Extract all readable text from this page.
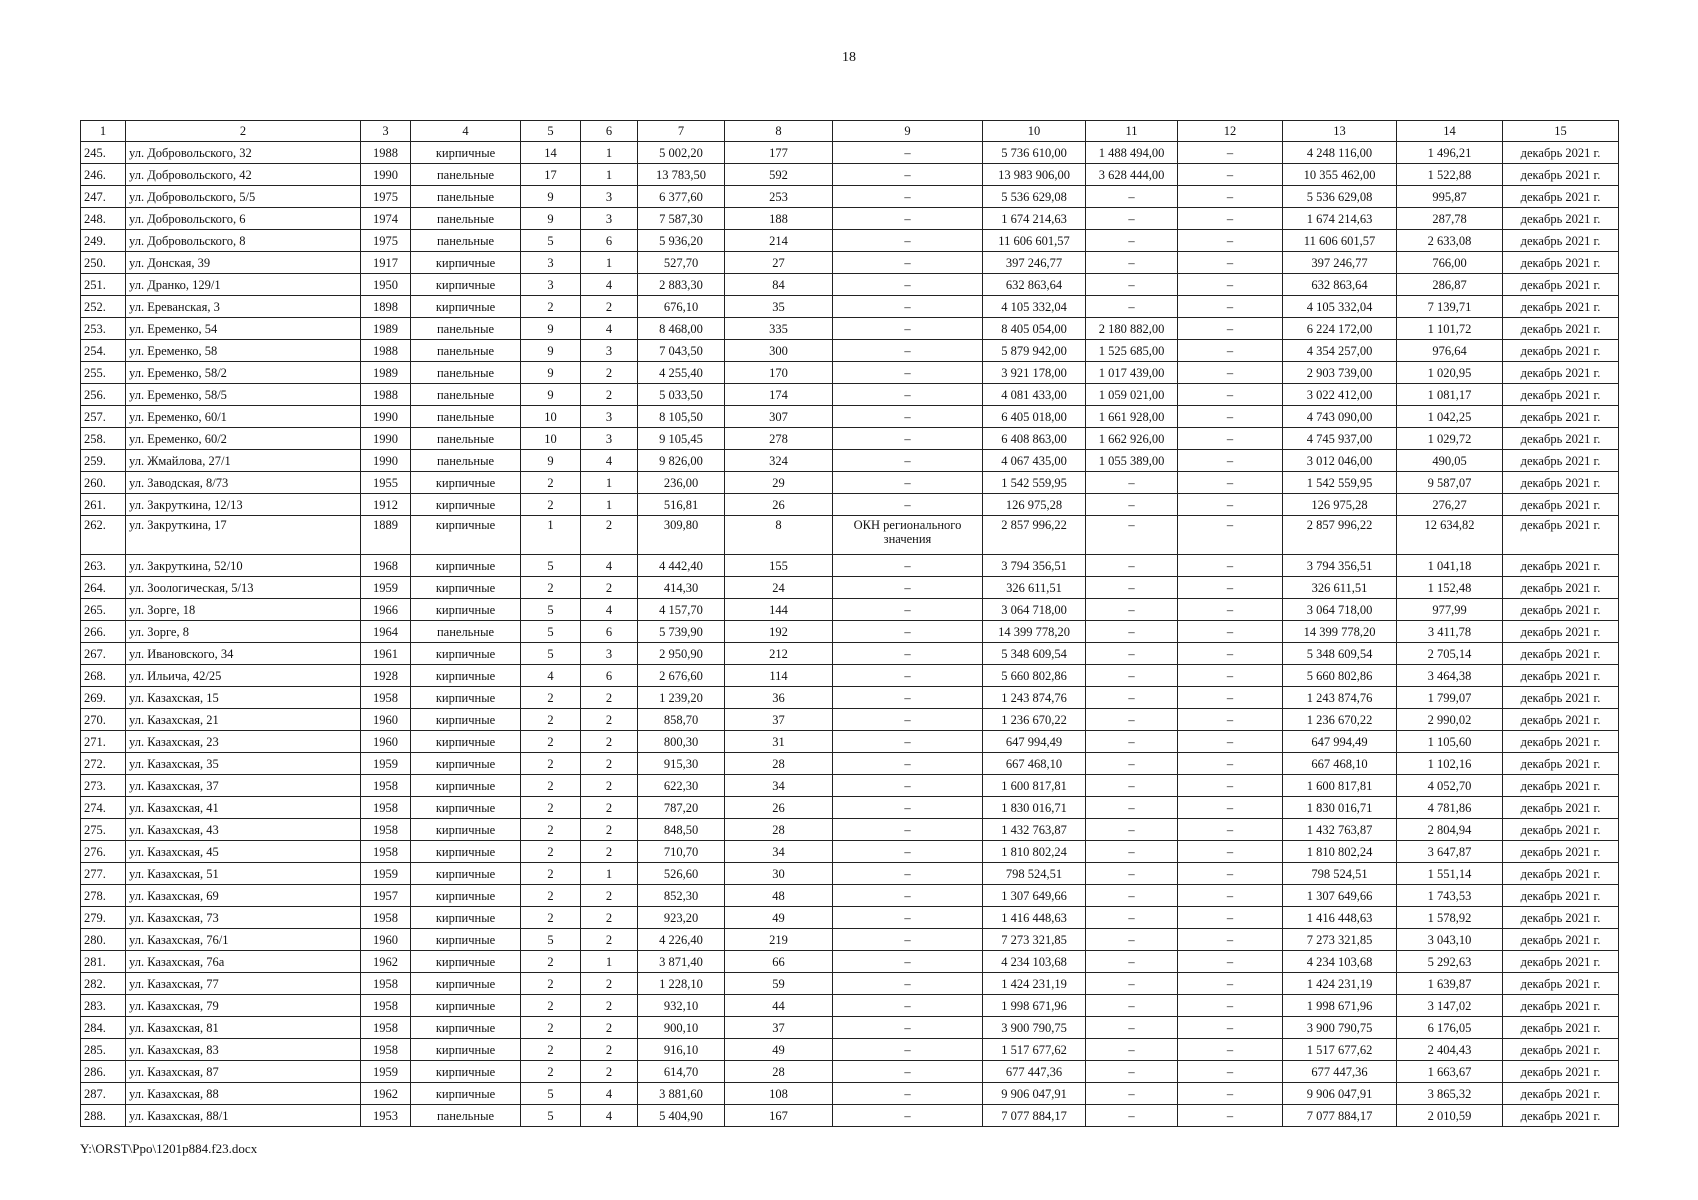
18
1	2	3	4	5	6	7	8	9	10	11	12	13	14	15
245.	ул. Добровольского, 32	1988	кирпичные	14	1	5 002,20	177	–	5 736 610,00	1 488 494,00	–	4 248 116,00	1 496,21	декабрь 2021 г.
246.	ул. Добровольского, 42	1990	панельные	17	1	13 783,50	592	–	13 983 906,00	3 628 444,00	–	10 355 462,00	1 522,88	декабрь 2021 г.
247.	ул. Добровольского, 5/5	1975	панельные	9	3	6 377,60	253	–	5 536 629,08	–	–	5 536 629,08	995,87	декабрь 2021 г.
248.	ул. Добровольского, 6	1974	панельные	9	3	7 587,30	188	–	1 674 214,63	–	–	1 674 214,63	287,78	декабрь 2021 г.
249.	ул. Добровольского, 8	1975	панельные	5	6	5 936,20	214	–	11 606 601,57	–	–	11 606 601,57	2 633,08	декабрь 2021 г.
250.	ул. Донская, 39	1917	кирпичные	3	1	527,70	27	–	397 246,77	–	–	397 246,77	766,00	декабрь 2021 г.
251.	ул. Дранко, 129/1	1950	кирпичные	3	4	2 883,30	84	–	632 863,64	–	–	632 863,64	286,87	декабрь 2021 г.
252.	ул. Ереванская, 3	1898	кирпичные	2	2	676,10	35	–	4 105 332,04	–	–	4 105 332,04	7 139,71	декабрь 2021 г.
253.	ул. Еременко, 54	1989	панельные	9	4	8 468,00	335	–	8 405 054,00	2 180 882,00	–	6 224 172,00	1 101,72	декабрь 2021 г.
254.	ул. Еременко, 58	1988	панельные	9	3	7 043,50	300	–	5 879 942,00	1 525 685,00	–	4 354 257,00	976,64	декабрь 2021 г.
255.	ул. Еременко, 58/2	1989	панельные	9	2	4 255,40	170	–	3 921 178,00	1 017 439,00	–	2 903 739,00	1 020,95	декабрь 2021 г.
256.	ул. Еременко, 58/5	1988	панельные	9	2	5 033,50	174	–	4 081 433,00	1 059 021,00	–	3 022 412,00	1 081,17	декабрь 2021 г.
257.	ул. Еременко, 60/1	1990	панельные	10	3	8 105,50	307	–	6 405 018,00	1 661 928,00	–	4 743 090,00	1 042,25	декабрь 2021 г.
258.	ул. Еременко, 60/2	1990	панельные	10	3	9 105,45	278	–	6 408 863,00	1 662 926,00	–	4 745 937,00	1 029,72	декабрь 2021 г.
259.	ул. Жмайлова, 27/1	1990	панельные	9	4	9 826,00	324	–	4 067 435,00	1 055 389,00	–	3 012 046,00	490,05	декабрь 2021 г.
260.	ул. Заводская, 8/73	1955	кирпичные	2	1	236,00	29	–	1 542 559,95	–	–	1 542 559,95	9 587,07	декабрь 2021 г.
261.	ул. Закруткина, 12/13	1912	кирпичные	2	1	516,81	26	–	126 975,28	–	–	126 975,28	276,27	декабрь 2021 г.
262.	ул. Закруткина, 17	1889	кирпичные	1	2	309,80	8	ОКН регионального значения	2 857 996,22	–	–	2 857 996,22	12 634,82	декабрь 2021 г.
263.	ул. Закруткина, 52/10	1968	кирпичные	5	4	4 442,40	155	–	3 794 356,51	–	–	3 794 356,51	1 041,18	декабрь 2021 г.
264.	ул. Зоологическая, 5/13	1959	кирпичные	2	2	414,30	24	–	326 611,51	–	–	326 611,51	1 152,48	декабрь 2021 г.
265.	ул. Зорге, 18	1966	кирпичные	5	4	4 157,70	144	–	3 064 718,00	–	–	3 064 718,00	977,99	декабрь 2021 г.
266.	ул. Зорге, 8	1964	панельные	5	6	5 739,90	192	–	14 399 778,20	–	–	14 399 778,20	3 411,78	декабрь 2021 г.
267.	ул. Ивановского, 34	1961	кирпичные	5	3	2 950,90	212	–	5 348 609,54	–	–	5 348 609,54	2 705,14	декабрь 2021 г.
268.	ул. Ильича, 42/25	1928	кирпичные	4	6	2 676,60	114	–	5 660 802,86	–	–	5 660 802,86	3 464,38	декабрь 2021 г.
269.	ул. Казахская, 15	1958	кирпичные	2	2	1 239,20	36	–	1 243 874,76	–	–	1 243 874,76	1 799,07	декабрь 2021 г.
270.	ул. Казахская, 21	1960	кирпичные	2	2	858,70	37	–	1 236 670,22	–	–	1 236 670,22	2 990,02	декабрь 2021 г.
271.	ул. Казахская, 23	1960	кирпичные	2	2	800,30	31	–	647 994,49	–	–	647 994,49	1 105,60	декабрь 2021 г.
272.	ул. Казахская, 35	1959	кирпичные	2	2	915,30	28	–	667 468,10	–	–	667 468,10	1 102,16	декабрь 2021 г.
273.	ул. Казахская, 37	1958	кирпичные	2	2	622,30	34	–	1 600 817,81	–	–	1 600 817,81	4 052,70	декабрь 2021 г.
274.	ул. Казахская, 41	1958	кирпичные	2	2	787,20	26	–	1 830 016,71	–	–	1 830 016,71	4 781,86	декабрь 2021 г.
275.	ул. Казахская, 43	1958	кирпичные	2	2	848,50	28	–	1 432 763,87	–	–	1 432 763,87	2 804,94	декабрь 2021 г.
276.	ул. Казахская, 45	1958	кирпичные	2	2	710,70	34	–	1 810 802,24	–	–	1 810 802,24	3 647,87	декабрь 2021 г.
277.	ул. Казахская, 51	1959	кирпичные	2	1	526,60	30	–	798 524,51	–	–	798 524,51	1 551,14	декабрь 2021 г.
278.	ул. Казахская, 69	1957	кирпичные	2	2	852,30	48	–	1 307 649,66	–	–	1 307 649,66	1 743,53	декабрь 2021 г.
279.	ул. Казахская, 73	1958	кирпичные	2	2	923,20	49	–	1 416 448,63	–	–	1 416 448,63	1 578,92	декабрь 2021 г.
280.	ул. Казахская, 76/1	1960	кирпичные	5	2	4 226,40	219	–	7 273 321,85	–	–	7 273 321,85	3 043,10	декабрь 2021 г.
281.	ул. Казахская, 76а	1962	кирпичные	2	1	3 871,40	66	–	4 234 103,68	–	–	4 234 103,68	5 292,63	декабрь 2021 г.
282.	ул. Казахская, 77	1958	кирпичные	2	2	1 228,10	59	–	1 424 231,19	–	–	1 424 231,19	1 639,87	декабрь 2021 г.
283.	ул. Казахская, 79	1958	кирпичные	2	2	932,10	44	–	1 998 671,96	–	–	1 998 671,96	3 147,02	декабрь 2021 г.
284.	ул. Казахская, 81	1958	кирпичные	2	2	900,10	37	–	3 900 790,75	–	–	3 900 790,75	6 176,05	декабрь 2021 г.
285.	ул. Казахская, 83	1958	кирпичные	2	2	916,10	49	–	1 517 677,62	–	–	1 517 677,62	2 404,43	декабрь 2021 г.
286.	ул. Казахская, 87	1959	кирпичные	2	2	614,70	28	–	677 447,36	–	–	677 447,36	1 663,67	декабрь 2021 г.
287.	ул. Казахская, 88	1962	кирпичные	5	4	3 881,60	108	–	9 906 047,91	–	–	9 906 047,91	3 865,32	декабрь 2021 г.
288.	ул. Казахская, 88/1	1953	панельные	5	4	5 404,90	167	–	7 077 884,17	–	–	7 077 884,17	2 010,59	декабрь 2021 г.
Y:\ORST\Ppo\1201p884.f23.docx
